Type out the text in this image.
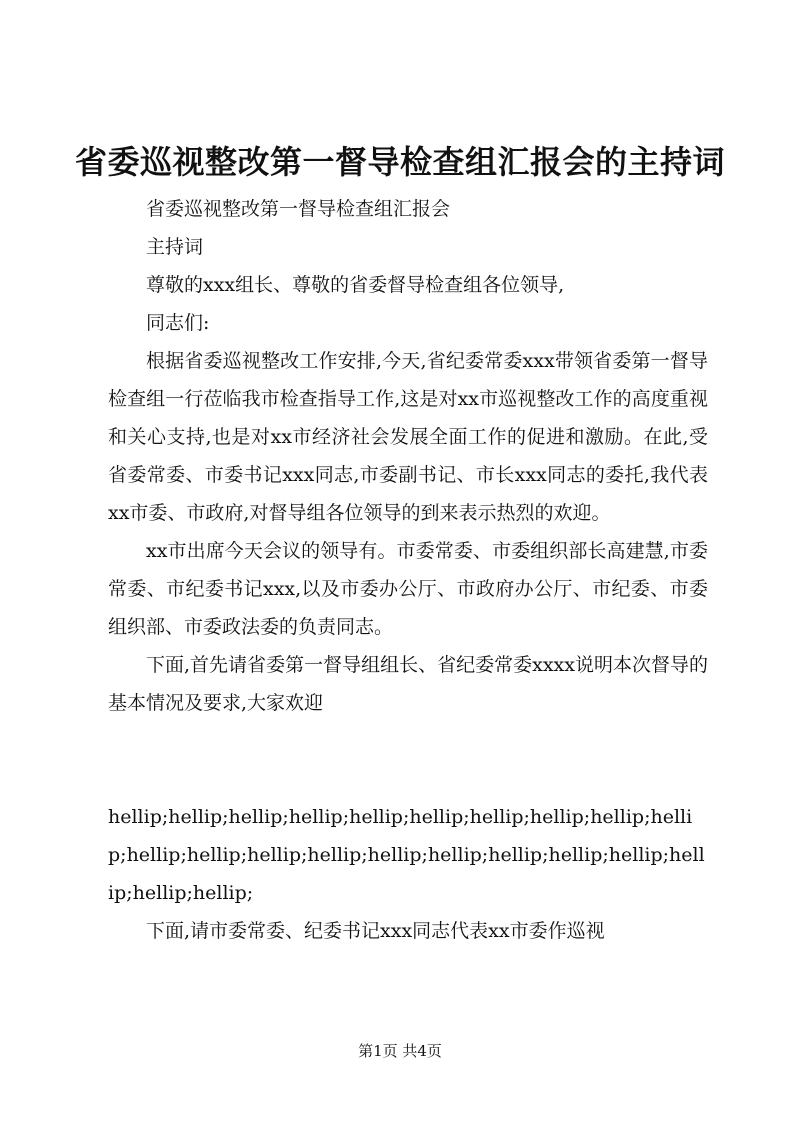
省委巡视整改第一督导检查组汇报会的主持词

省委巡视整改第一督导检查组汇报会

主持词

尊敬的xxx组长、尊敬的省委督导检查组各位领导,

同志们:

根据省委巡视整改工作安排,今天,省纪委常委xxx带领省委第一督导检查组一行莅临我市检查指导工作,这是对xx市巡视整改工作的高度重视和关心支持,也是对xx市经济社会发展全面工作的促进和激励。在此,受省委常委、市委书记xxx同志,市委副书记、市长xxx同志的委托,我代表xx市委、市政府,对督导组各位领导的到来表示热烈的欢迎。

xx市出席今天会议的领导有。市委常委、市委组织部长高建慧,市委常委、市纪委书记xxx,以及市委办公厅、市政府办公厅、市纪委、市委组织部、市委政法委的负责同志。

下面,首先请省委第一督导组组长、省纪委常委xxxx说明本次督导的基本情况及要求,大家欢迎

hellip;hellip;hellip;hellip;hellip;hellip;hellip;hellip;hellip;hellip;hellip;hellip;hellip;hellip;hellip;hellip;hellip;hellip;hellip;hellip;hellip;hellip;

下面,请市委常委、纪委书记xxx同志代表xx市委作巡视

第1页 共4页
